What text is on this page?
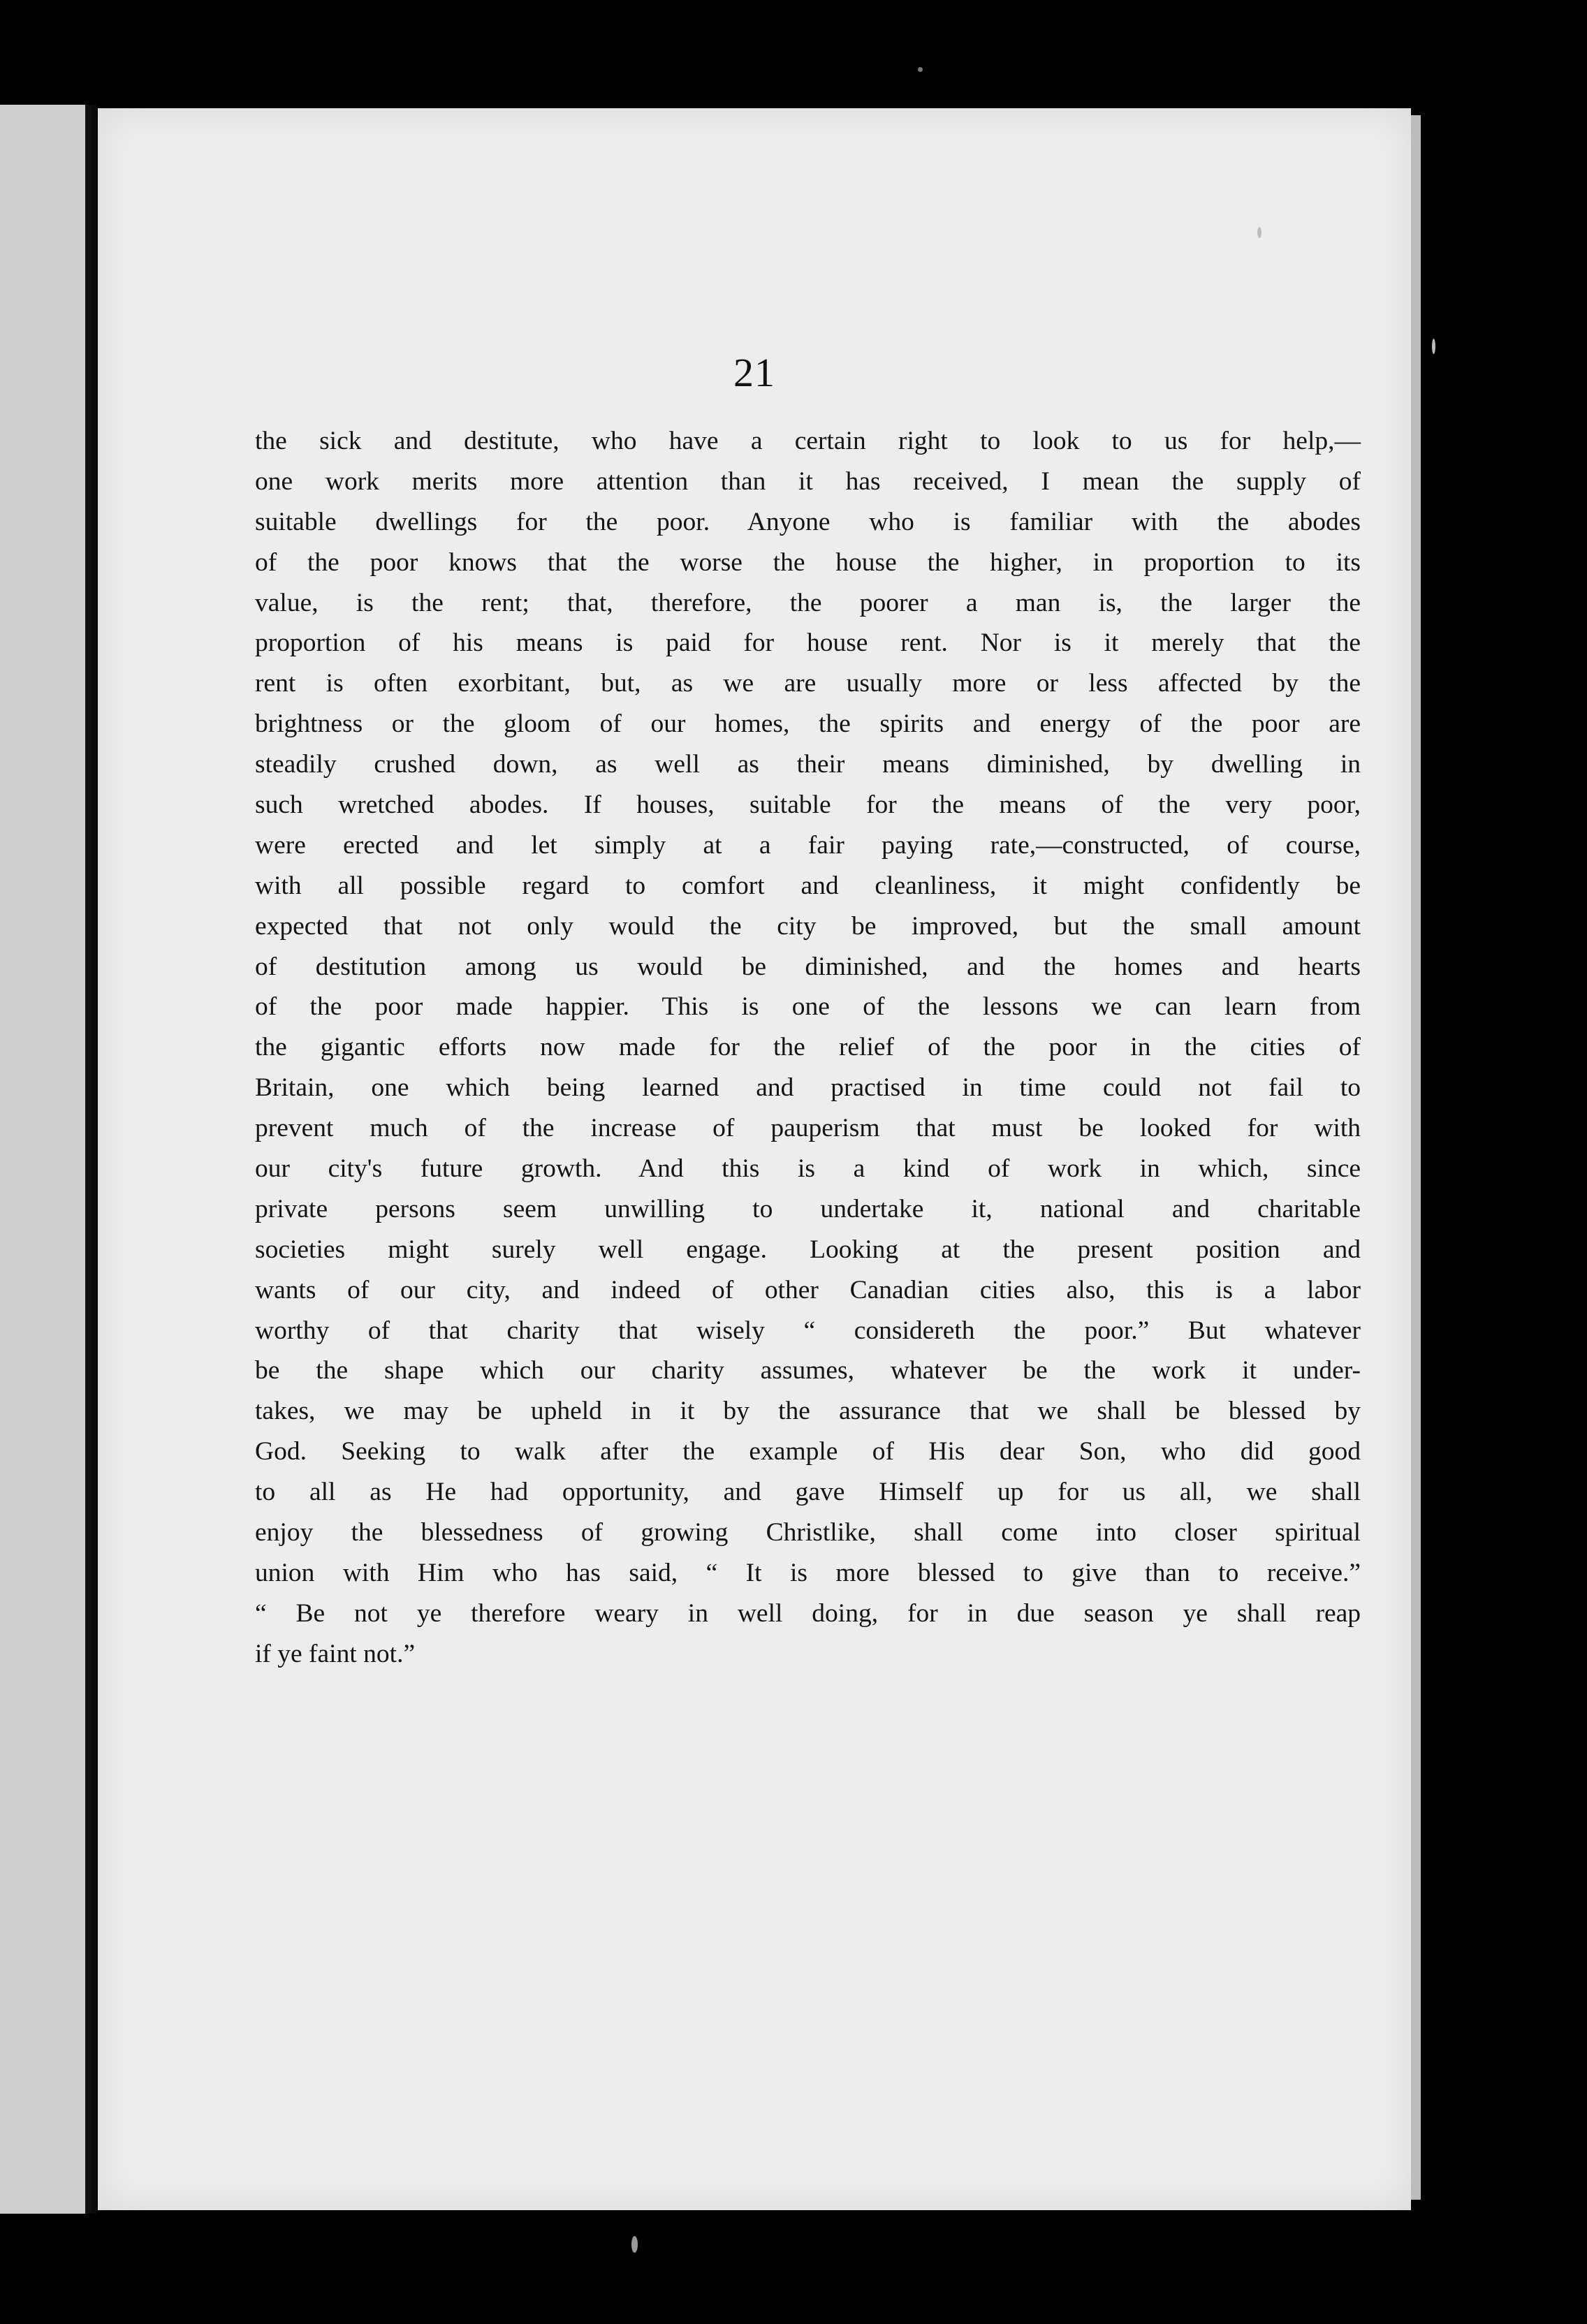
21
the sick and destitute, who have a certain right to look to us for help,—
one work merits more attention than it has received, I mean the supply of
suitable dwellings for the poor. Anyone who is familiar with the abodes
of the poor knows that the worse the house the higher, in proportion to its
value, is the rent; that, therefore, the poorer a man is, the larger the
proportion of his means is paid for house rent. Nor is it merely that the
rent is often exorbitant, but, as we are usually more or less affected by the
brightness or the gloom of our homes, the spirits and energy of the poor are
steadily crushed down, as well as their means diminished, by dwelling in
such wretched abodes. If houses, suitable for the means of the very poor,
were erected and let simply at a fair paying rate,—constructed, of course,
with all possible regard to comfort and cleanliness, it might confidently be
expected that not only would the city be improved, but the small amount
of destitution among us would be diminished, and the homes and hearts
of the poor made happier. This is one of the lessons we can learn from
the gigantic efforts now made for the relief of the poor in the cities of
Britain, one which being learned and practised in time could not fail to
prevent much of the increase of pauperism that must be looked for with
our city's future growth. And this is a kind of work in which, since
private persons seem unwilling to undertake it, national and charitable
societies might surely well engage. Looking at the present position and
wants of our city, and indeed of other Canadian cities also, this is a labor
worthy of that charity that wisely “ considereth the poor.” But whatever
be the shape which our charity assumes, whatever be the work it under-
takes, we may be upheld in it by the assurance that we shall be blessed by
God. Seeking to walk after the example of His dear Son, who did good
to all as He had opportunity, and gave Himself up for us all, we shall
enjoy the blessedness of growing Christlike, shall come into closer spiritual
union with Him who has said, “ It is more blessed to give than to receive.”
“ Be not ye therefore weary in well doing, for in due season ye shall reap
if ye faint not.”
